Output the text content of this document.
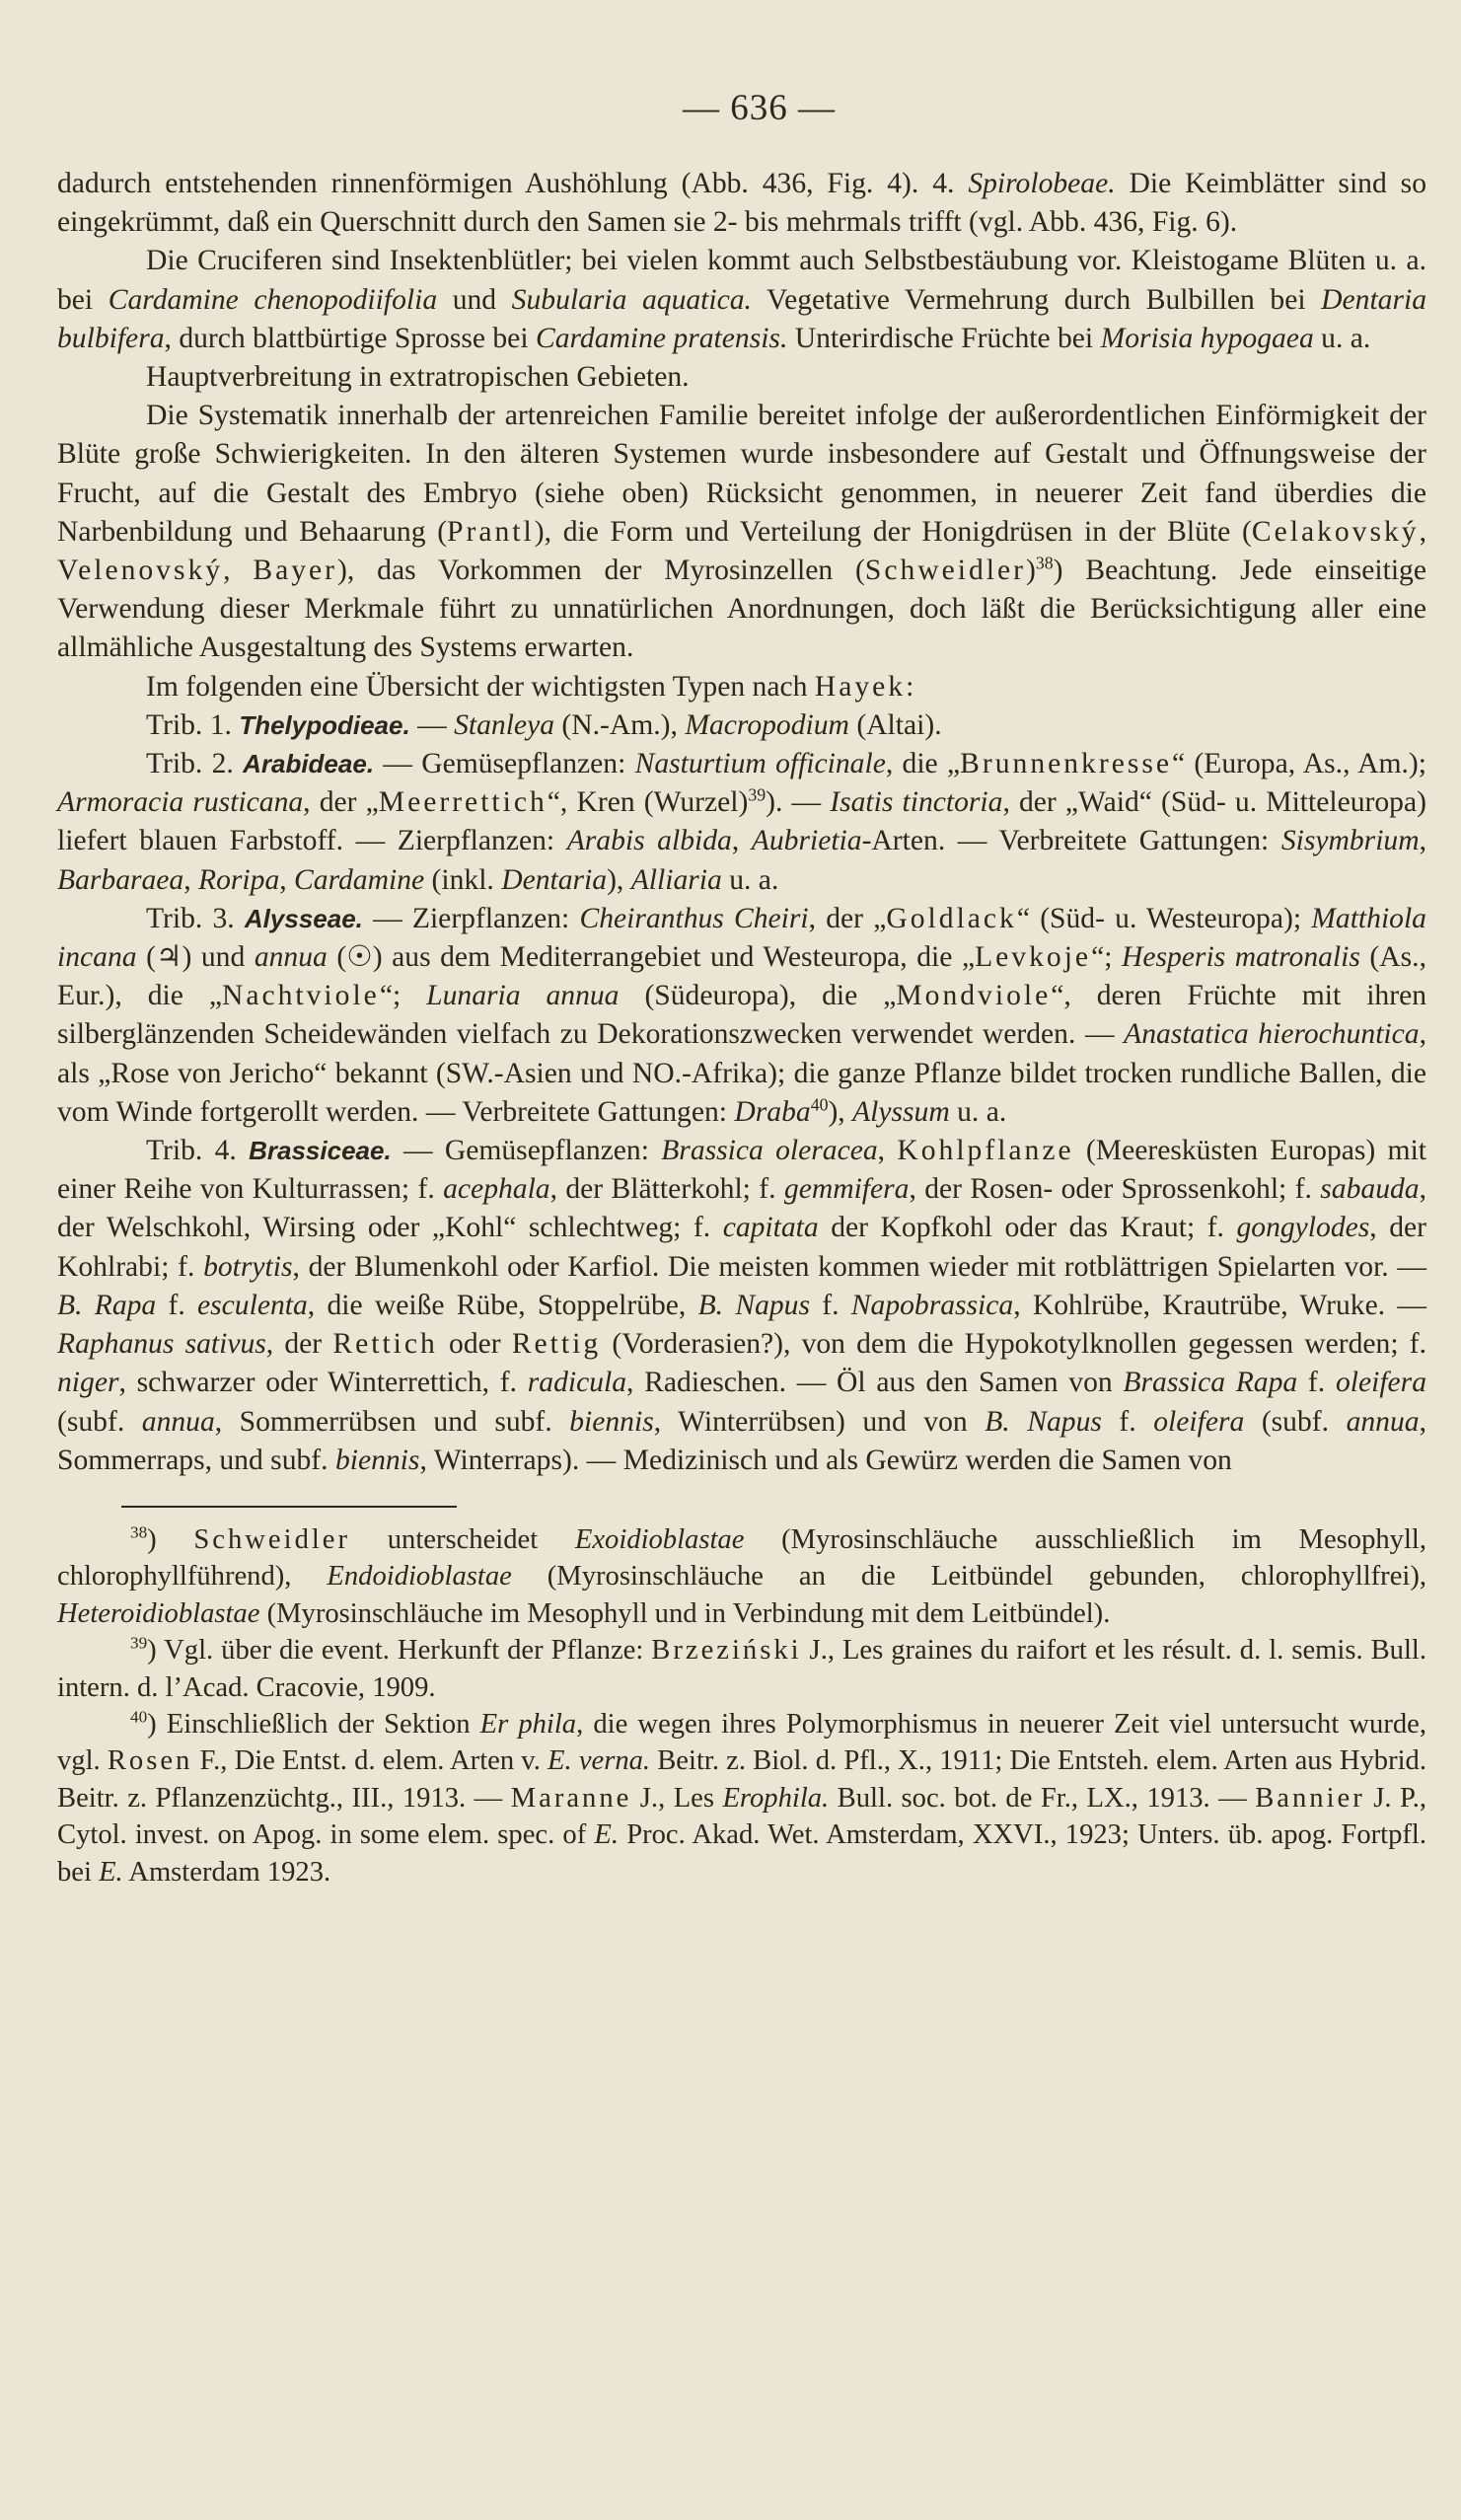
— 636 —

dadurch entstehenden rinnenförmigen Aushöhlung (Abb. 436, Fig. 4). 4. Spirolobeae. Die Keimblätter sind so eingekrümmt, daß ein Querschnitt durch den Samen sie 2- bis mehrmals trifft (vgl. Abb. 436, Fig. 6).

Die Cruciferen sind Insektenblütler; bei vielen kommt auch Selbstbestäubung vor. Kleistogame Blüten u. a. bei Cardamine chenopodiifolia und Subularia aquatica. Vegetative Vermehrung durch Bulbillen bei Dentaria bulbifera, durch blattbürtige Sprosse bei Cardamine pratensis. Unterirdische Früchte bei Morisia hypogaea u. a.

Hauptverbreitung in extratropischen Gebieten.

Die Systematik innerhalb der artenreichen Familie bereitet infolge der außerordentlichen Einförmigkeit der Blüte große Schwierigkeiten. In den älteren Systemen wurde insbesondere auf Gestalt und Öffnungsweise der Frucht, auf die Gestalt des Embryo (siehe oben) Rücksicht genommen, in neuerer Zeit fand überdies die Narbenbildung und Behaarung (Prantl), die Form und Verteilung der Honigdrüsen in der Blüte (Celakovský, Velenovský, Bayer), das Vorkommen der Myrosinzellen (Schweidler)$^{38}$) Beachtung. Jede einseitige Verwendung dieser Merkmale führt zu unnatürlichen Anordnungen, doch läßt die Berücksichtigung aller eine allmähliche Ausgestaltung des Systems erwarten.

Im folgenden eine Übersicht der wichtigsten Typen nach Hayek:

Trib. 1. Thelypodieae. — Stanleya (N.-Am.), Macropodium (Altai).

Trib. 2. Arabideae. — Gemüsepflanzen: Nasturtium officinale, die „Brunnenkresse“ (Europa, As., Am.); Armoracia rusticana, der „Meerrettich“, Kren (Wurzel)$^{39}$). — Isatis tinctoria, der „Waid“ (Süd- u. Mitteleuropa) liefert blauen Farbstoff. — Zierpflanzen: Arabis albida, Aubrietia-Arten. — Verbreitete Gattungen: Sisymbrium, Barbaraea, Roripa, Cardamine (inkl. Dentaria), Alliaria u. a.

Trib. 3. Alysseae. — Zierpflanzen: Cheiranthus Cheiri, der „Goldlack“ (Süd- u. Westeuropa); Matthiola incana (♃) und annua (☉) aus dem Mediterrangebiet und Westeuropa, die „Levkoje“; Hesperis matronalis (As., Eur.), die „Nachtviole“; Lunaria annua (Südeuropa), die „Mondviole“, deren Früchte mit ihren silberglänzenden Scheidewänden vielfach zu Dekorationszwecken verwendet werden. — Anastatica hierochuntica, als „Rose von Jericho“ bekannt (SW.-Asien und NO.-Afrika); die ganze Pflanze bildet trocken rundliche Ballen, die vom Winde fortgerollt werden. — Verbreitete Gattungen: Draba$^{40}$), Alyssum u. a.

Trib. 4. Brassiceae. — Gemüsepflanzen: Brassica oleracea, Kohlpflanze (Meeresküsten Europas) mit einer Reihe von Kulturrassen; f. acephala, der Blätterkohl; f. gemmifera, der Rosen- oder Sprossenkohl; f. sabauda, der Welschkohl, Wirsing oder „Kohl“ schlechtweg; f. capitata der Kopfkohl oder das Kraut; f. gongylodes, der Kohlrabi; f. botrytis, der Blumenkohl oder Karfiol. Die meisten kommen wieder mit rotblättrigen Spielarten vor. — B. Rapa f. esculenta, die weiße Rübe, Stoppelrübe, B. Napus f. Napobrassica, Kohlrübe, Krautrübe, Wruke. — Raphanus sativus, der Rettich oder Rettig (Vorderasien?), von dem die Hypokotylknollen gegessen werden; f. niger, schwarzer oder Winterrettich, f. radicula, Radieschen. — Öl aus den Samen von Brassica Rapa f. oleifera (subf. annua, Sommerrübsen und subf. biennis, Winterrübsen) und von B. Napus f. oleifera (subf. annua, Sommerraps, und subf. biennis, Winterraps). — Medizinisch und als Gewürz werden die Samen von

$^{38}$) Schweidler unterscheidet Exoidioblastae (Myrosinschläuche ausschließlich im Mesophyll, chlorophyllführend), Endoidioblastae (Myrosinschläuche an die Leitbündel gebunden, chlorophyllfrei), Heteroidioblastae (Myrosinschläuche im Mesophyll und in Verbindung mit dem Leitbündel).

$^{39}$) Vgl. über die event. Herkunft der Pflanze: Brzeziński J., Les graines du raifort et les résult. d. l. semis. Bull. intern. d. l’Acad. Cracovie, 1909.

$^{40}$) Einschließlich der Sektion Er phila, die wegen ihres Polymorphismus in neuerer Zeit viel untersucht wurde, vgl. Rosen F., Die Entst. d. elem. Arten v. E. verna. Beitr. z. Biol. d. Pfl., X., 1911; Die Entsteh. elem. Arten aus Hybrid. Beitr. z. Pflanzenzüchtg., III., 1913. — Maranne J., Les Erophila. Bull. soc. bot. de Fr., LX., 1913. — Bannier J. P., Cytol. invest. on Apog. in some elem. spec. of E. Proc. Akad. Wet. Amsterdam, XXVI., 1923; Unters. üb. apog. Fortpfl. bei E. Amsterdam 1923.
